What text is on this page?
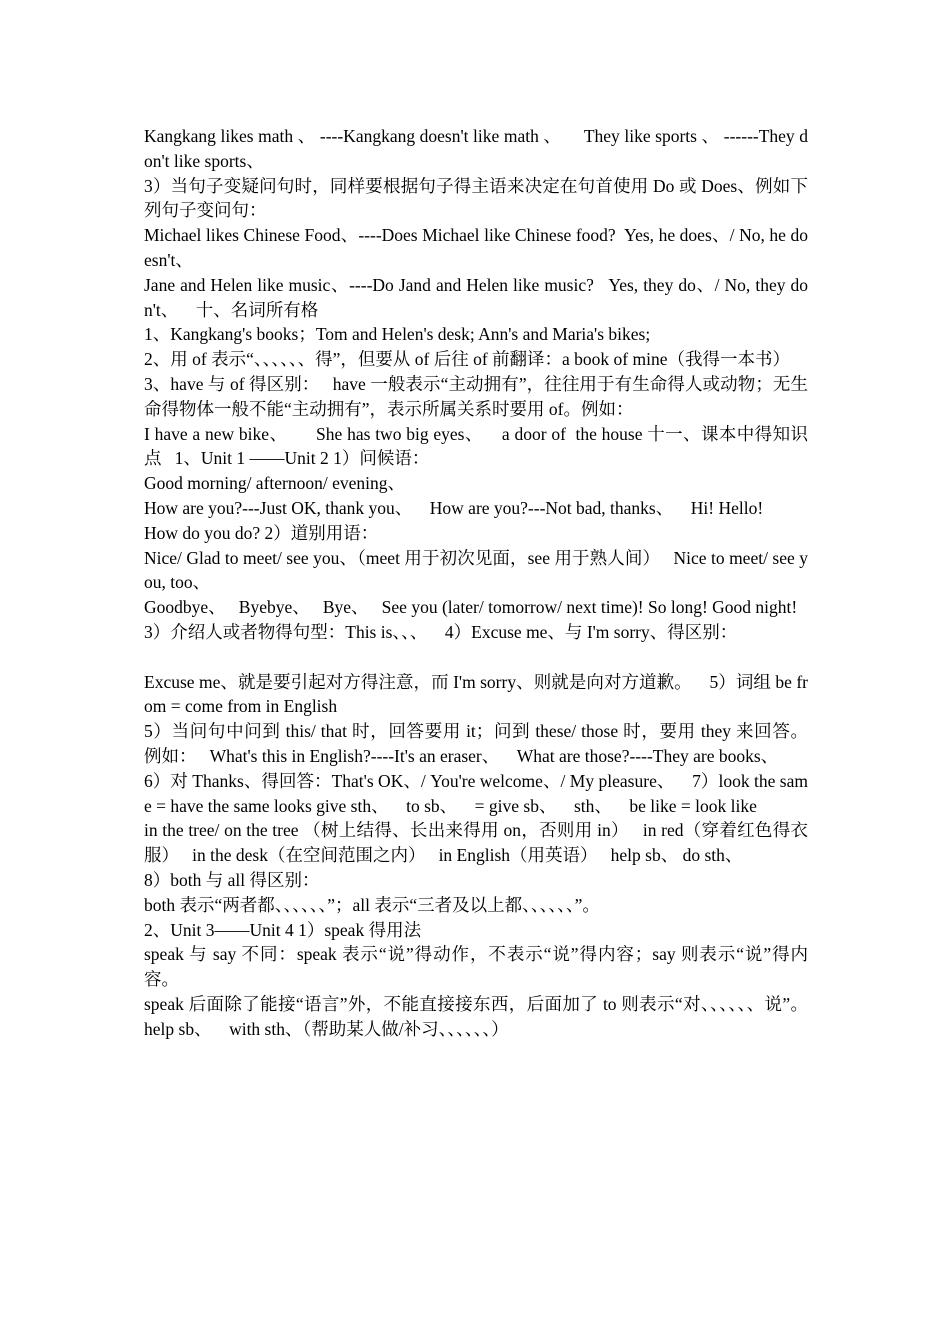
Kangkang likes math 、 ----Kangkang doesn't like math 、     They like sports 、 ------They don't like sports、
3）当句子变疑问句时，同样要根据句子得主语来决定在句首使用 Do 或 Does、例如下列句子变问句：
Michael likes Chinese Food、----Does Michael like Chinese food?  Yes, he does、/ No, he doesn't、
Jane and Helen like music、----Do Jand and Helen like music?   Yes, they do、/ No, they don't、    十、名词所有格
1、Kangkang's books；Tom and Helen's desk; Ann's and Maria's bikes;
2、用 of 表示“、、、、、、得”，但要从 of 后往 of 前翻译：a book of mine（我得一本书）
3、have 与 of 得区别：   have 一般表示“主动拥有”，往往用于有生命得人或动物；无生命得物体一般不能“主动拥有”，表示所属关系时要用 of。例如：
I have a new bike、      She has two big eyes、    a door of  the house 十一、课本中得知识点   1、Unit 1 ——Unit 2 1）问候语：
Good morning/ afternoon/ evening、
How are you?---Just OK, thank you、    How are you?---Not bad, thanks、    Hi! Hello!
How do you do? 2）道别用语：
Nice/ Glad to meet/ see you、（meet 用于初次见面，see 用于熟人间）   Nice to meet/ see you, too、
Goodbye、   Byebye、   Bye、   See you (later/ tomorrow/ next time)! So long! Good night!
3）介绍人或者物得句型：This is、、、    4）Excuse me、与 I'm sorry、得区别：
Excuse me、就是要引起对方得注意，而 I'm sorry、则就是向对方道歉。    5）词组 be from = come from in English
5）当问句中问到 this/ that 时，回答要用 it；问到 these/ those 时，要用 they 来回答。  例如：   What's this in English?----It's an eraser、    What are those?----They are books、
6）对 Thanks、得回答：That's OK、/ You're welcome、/ My pleasure、    7）look the same = have the same looks give sth、    to sb、    = give sb、    sth、    be like = look like
in the tree/ on the tree （树上结得、长出来得用 on，否则用 in）   in red（穿着红色得衣服）   in the desk（在空间范围之内）   in English（用英语）   help sb、 do sth、
8）both 与 all 得区别：
both 表示“两者都、、、、、、”；all 表示“三者及以上都、、、、、、”。
2、Unit 3——Unit 4 1）speak 得用法
speak 与 say 不同：speak 表示“说”得动作，不表示“说”得内容；say 则表示“说”得内容。
speak 后面除了能接“语言”外，不能直接接东西，后面加了 to 则表示“对、、、、、、说”。   help sb、    with sth、（帮助某人做/补习、、、、、、）
